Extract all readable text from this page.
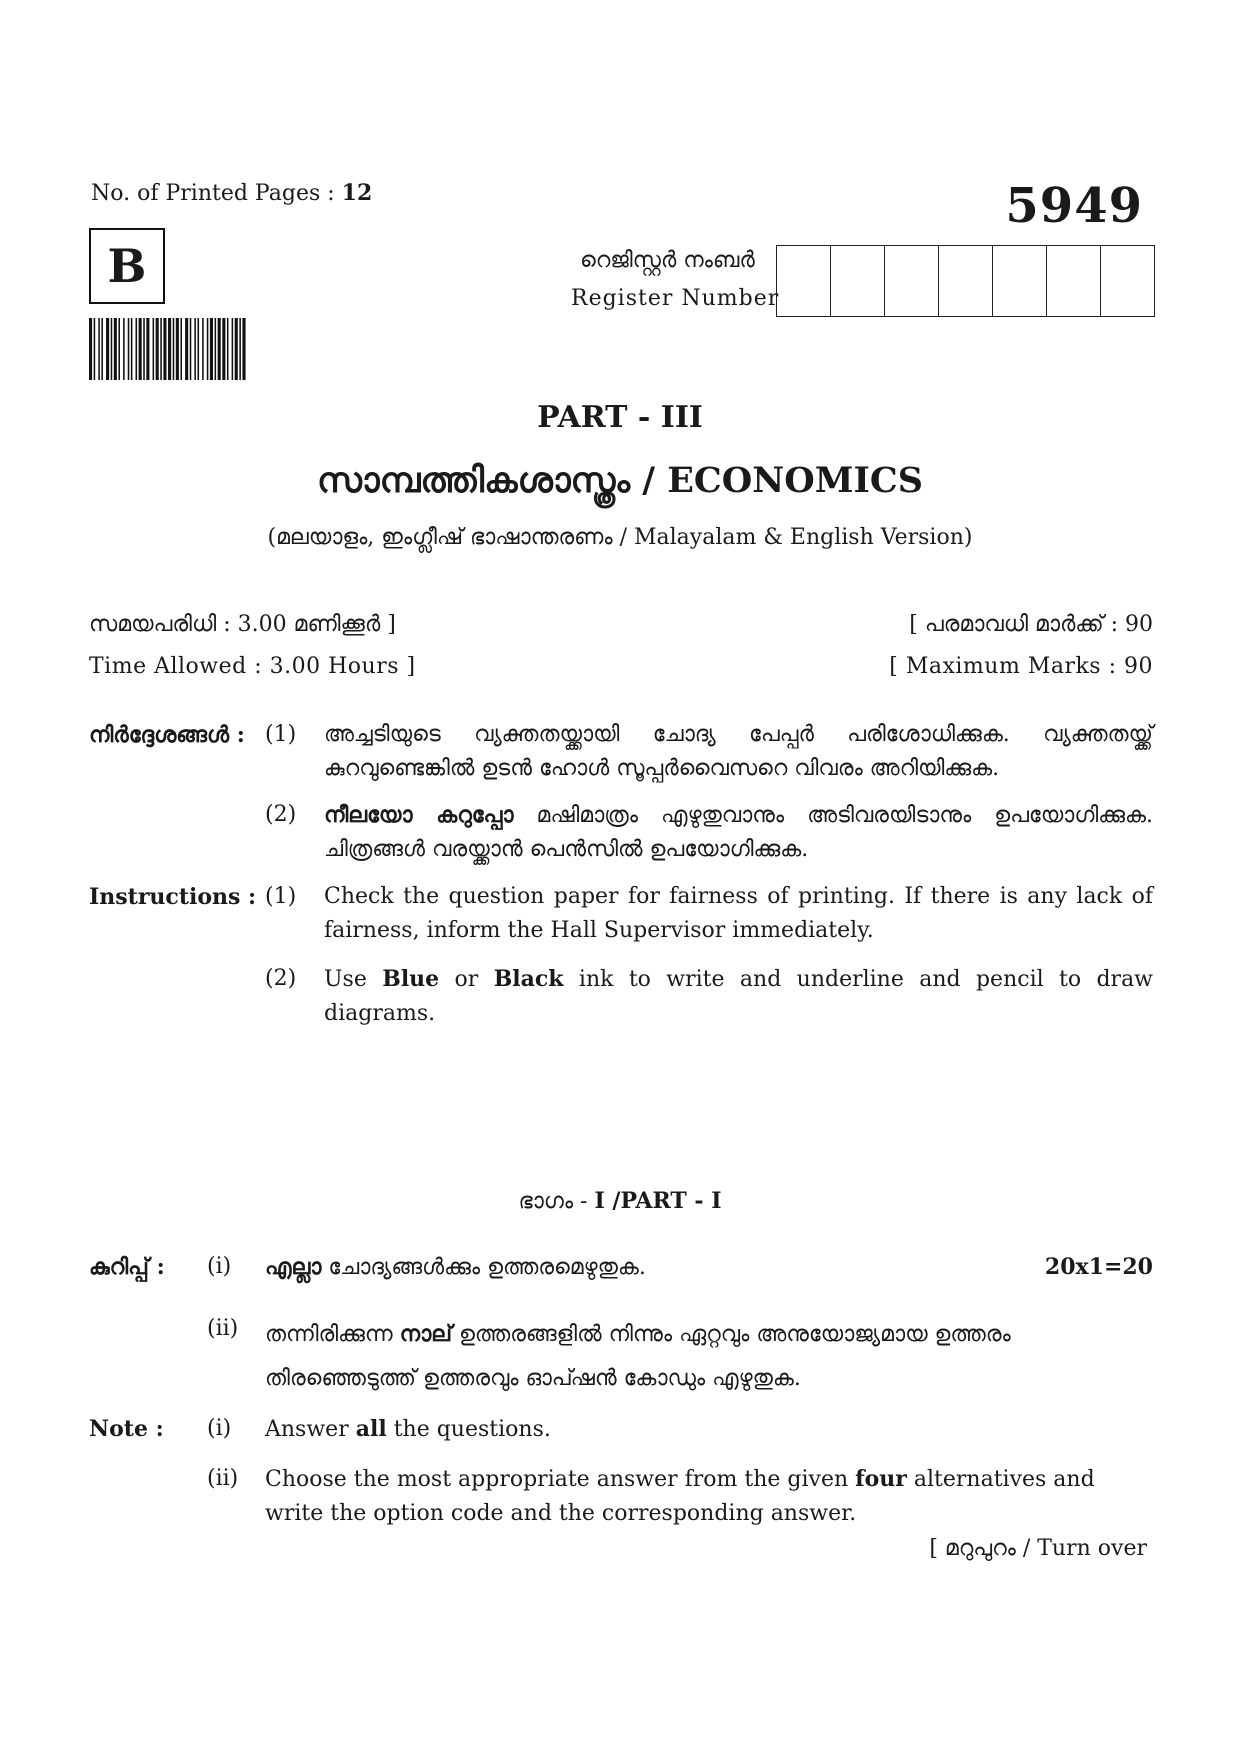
No. of Printed Pages : 12	5949
B	റെജിസ്റ്റർ നംബർ
Register Number
PART - III
സാമ്പത്തികശാസ്ത്രം / ECONOMICS
(മലയാളം, ഇംഗ്ലീഷ് ഭാഷാന്തരണം / Malayalam & English Version)
സമയപരിധി : 3.00 മണിക്കൂർ ]	[ പരമാവധി മാർക്ക് : 90
Time Allowed : 3.00 Hours ]	[ Maximum Marks : 90
നിർദ്ദേശങ്ങൾ : (1) അച്ചടിയുടെ വ്യക്തതയ്ക്കായി ചോദ്യ പേപ്പർ പരിശോധിക്കുക. വ്യക്തതയ്ക്ക് കുറവുണ്ടെങ്കിൽ ഉടൻ ഹോൾ സൂപ്പർവൈസറെ വിവരം അറിയിക്കുക.
(2) നീലയോ കറുപ്പോ മഷിമാത്രം എഴുതുവാനും അടിവരയിടാനും ഉപയോഗിക്കുക. ചിത്രങ്ങൾ വരയ്ക്കാൻ പെൻസിൽ ഉപയോഗിക്കുക.
Instructions : (1) Check the question paper for fairness of printing. If there is any lack of fairness, inform the Hall Supervisor immediately.
(2) Use Blue or Black ink to write and underline and pencil to draw diagrams.
ഭാഗം - I /PART - I
കുറിപ്പ് : (i) എല്ലാ ചോദ്യങ്ങൾക്കും ഉത്തരമെഴുതുക.	20x1=20
(ii) തന്നിരിക്കുന്ന നാല് ഉത്തരങ്ങളിൽ നിന്നും ഏറ്റവും അനുയോജ്യമായ ഉത്തരം തിരഞ്ഞെടുത്ത് ഉത്തരവും ഓപ്ഷൻ കോഡും എഴുതുക.
Note : (i) Answer all the questions.
(ii) Choose the most appropriate answer from the given four alternatives and write the option code and the corresponding answer.
[ മറുപുറം / Turn over
